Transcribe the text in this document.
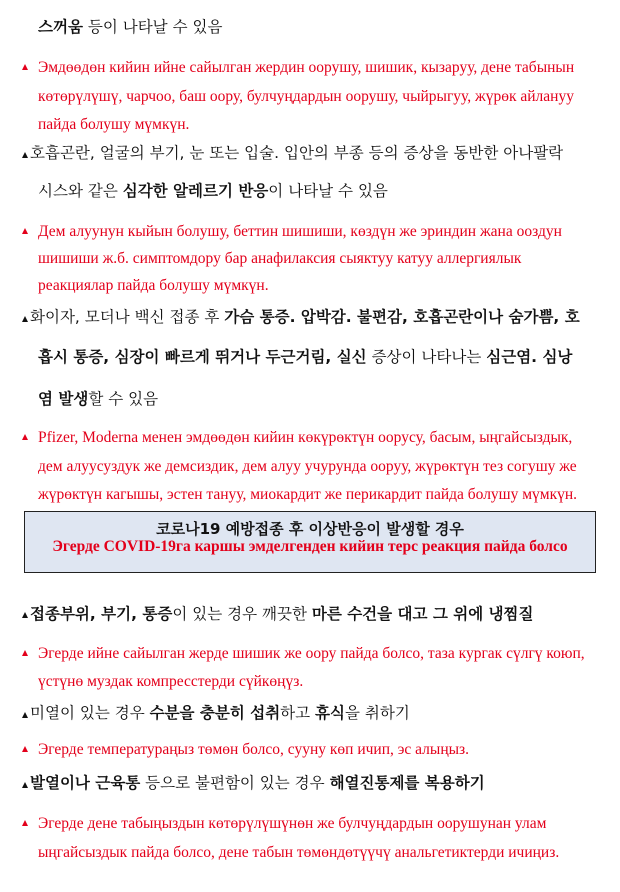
스꺼움 등이 나타날 수 있음
Эмдөөдөн кийин ийне сайылган жердин оорушу, шишик, кызаруу, дене табынын
көтөрүлүшү, чарчоо, баш оору, булчуңдардын оорушу, чыйрыгуу, жүрөк айлануу
пайда болушу мүмкүн.
호흡곤란, 얼굴의 부기, 눈 또는 입술. 입안의 부종 등의 증상을 동반한 아나팔락
시스와 같은 심각한 알레르기 반응이 나타날 수 있음
Дем алуунун кыйын болушу, беттин шишиши, көздүн же эриндин жана ооздун
шишиши ж.б. симптомдору бар анафилаксия сыяктуу катуу аллергиялык
реакциялар пайда болушу мүмкүн.
화이자, 모더나 백신 접종 후 가슴 통증. 압박감. 불편감, 호흡곤란이나 숨가쁨, 호
흡시 통증, 심장이 빠르게 뛰거나 두근거림, 실신 증상이 나타나는 심근염. 심낭
염 발생할 수 있음
Pfizer, Moderna менен эмдөөдөн кийин көкүрөктүн оорусу, басым, ыңгайсыздык,
дем алуусуздук же демсиздик, дем алуу учурунда ооруу, жүрөктүн тез согушу же
жүрөктүн кагышы, эстен тануу, миокардит же перикардит пайда болушу мүмкүн.
코로나19 예방접종 후 이상반응이 발생할 경우
Эгерде COVID-19га каршы эмделгенден кийин терс реакция пайда болсо
접종부위, 부기, 통증이 있는 경우 깨끗한 마른 수건을 대고 그 위에 냉찜질
Эгерде ийне сайылган жерде шишик же оору пайда болсо, таза кургак сүлгү коюп,
үстүнө муздак компресстерди сүйкөңүз.
미열이 있는 경우 수분을 충분히 섭취하고 휴식을 취하기
Эгерде температураңыз төмөн болсо, сууну көп ичип, эс алыңыз.
발열이나 근육통 등으로 불편함이 있는 경우 해열진통제를 복용하기
Эгерде дене табыңыздын көтөрүлүшүнөн же булчуңдардын оорушунан улам
ыңгайсыздык пайда болсо, дене табын төмөндөтүүчү анальгетиктерди ичиңиз.
